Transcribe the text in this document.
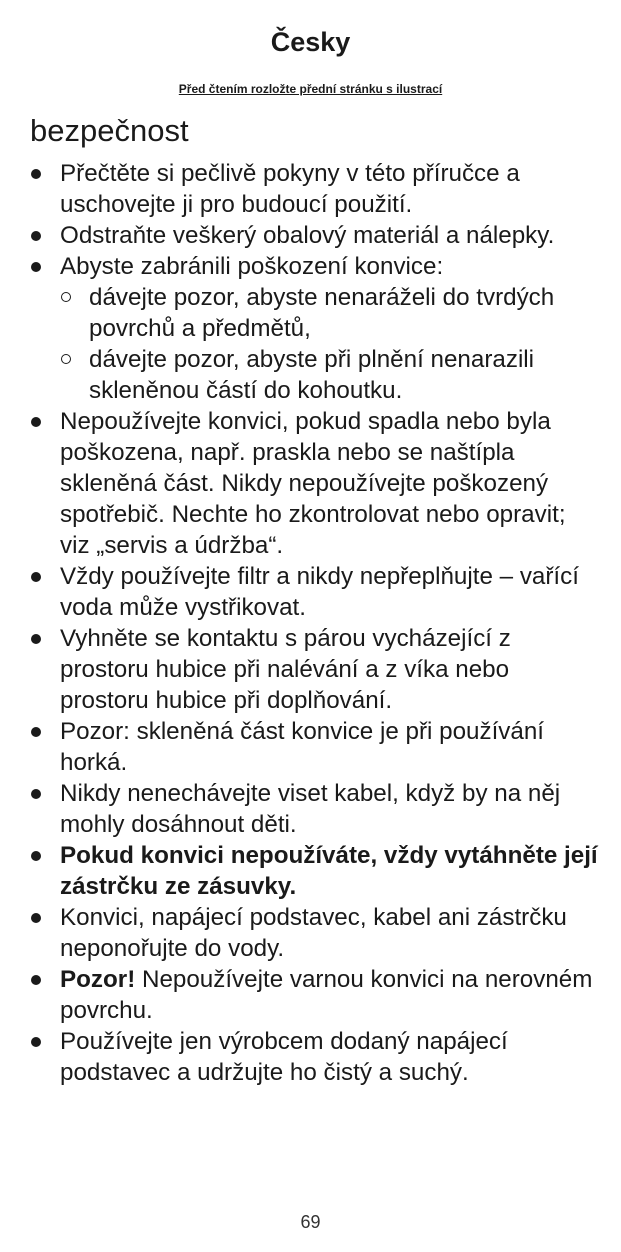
Česky
Před čtením rozložte přední stránku s ilustrací
bezpečnost
Přečtěte si pečlivě pokyny v této příručce a uschovejte ji pro budoucí použití.
Odstraňte veškerý obalový materiál a nálepky.
Abyste zabránili poškození konvice:
dávejte pozor, abyste nenaráželi do tvrdých povrchů a předmětů,
dávejte pozor, abyste při plnění nenarazili skleněnou částí do kohoutku.
Nepoužívejte konvici, pokud spadla nebo byla poškozena, např. praskla nebo se naštípla skleněná část. Nikdy nepoužívejte poškozený spotřebič. Nechte ho zkontrolovat nebo opravit; viz „servis a údržba“.
Vždy používejte filtr a nikdy nepřeplňujte – vařící voda může vystřikovat.
Vyhněte se kontaktu s párou vycházející z prostoru hubice při nalévání a z víka nebo prostoru hubice při doplňování.
Pozor: skleněná část konvice je při používání horká.
Nikdy nenechávejte viset kabel, když by na něj mohly dosáhnout děti.
Pokud konvici nepoužíváte, vždy vytáhněte její zástrčku ze zásuvky.
Konvici, napájecí podstavec, kabel ani zástrčku neponořujte do vody.
Pozor! Nepoužívejte varnou konvici na nerovném povrchu.
Používejte jen výrobcem dodaný napájecí podstavec a udržujte ho čistý a suchý.
69
